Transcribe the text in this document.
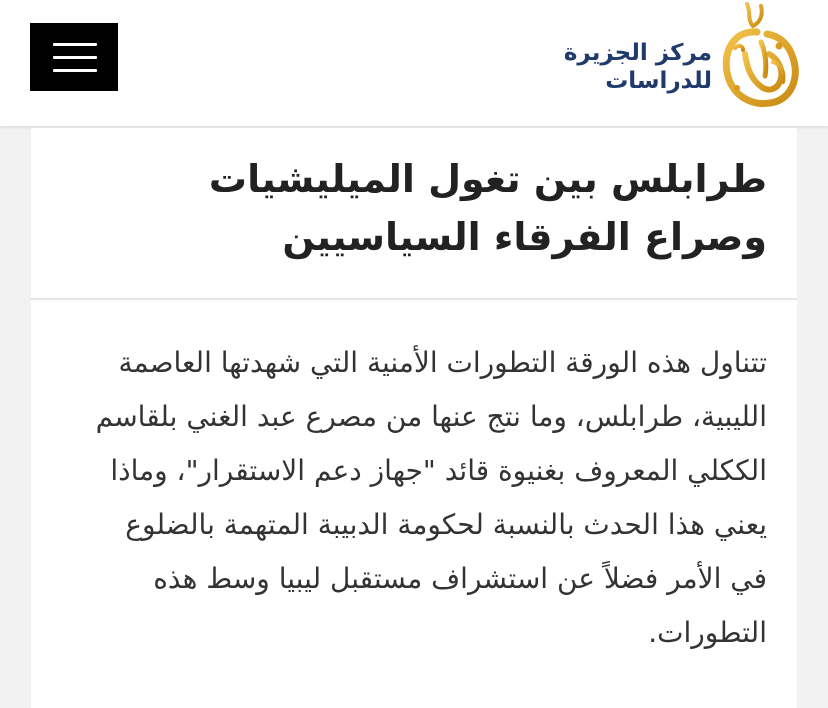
مركز الجزيرة
للدراسات
طرابلس بين تغول الميليشيات وصراع الفرقاء السياسيين

تتناول هذه الورقة التطورات الأمنية التي شهدتها العاصمة الليبية، طرابلس، وما نتج عنها من مصرع عبد الغني بلقاسم الككلي المعروف بغنيوة قائد "جهاز دعم الاستقرار"، وماذا يعني هذا الحدث بالنسبة لحكومة الدبيبة المتهمة بالضلوع في الأمر فضلاً عن استشراف مستقبل ليبيا وسط هذه التطورات.
